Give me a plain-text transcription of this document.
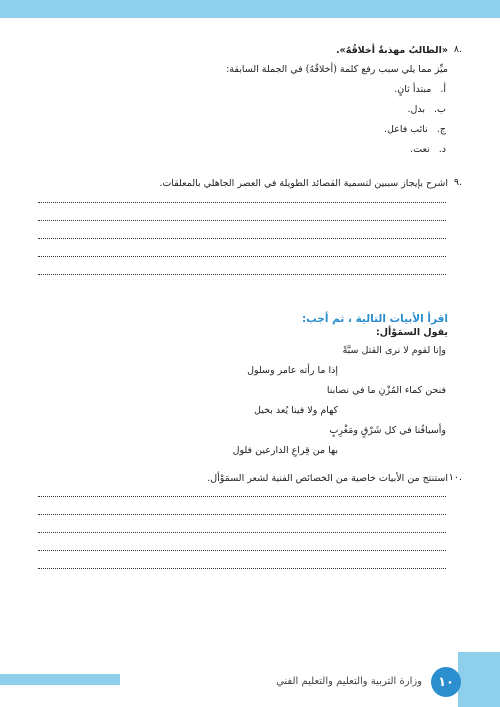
.٨
«الطالبُ مهذبةٌ أخلاقُهُ».
ميِّز مما يلي سبب رفع كلمة (أخلاقُهُ) في الجملة السابقة:
أ. مبتدأ ثانٍ.
ب. بدل.
ج. نائب فاعل.
د. نعت.
.٩
اشرح بإيجاز سببين لتسمية القصائد الطويلة في العصر الجاهلي بالمعلقات.
اقرأ الأبيات التالية ، ثم أجب:
يقول السمَوْأل:
وإنا لقوم لا نرى القتل سبَّةً
إذا ما رأته عامر وسلول
فنحن كماء المُزْنِ ما في نصابنا
كهام ولا فينا يُعد بخيل
وأسيافُنا في كل شَرْقٍ ومَغْرِبٍ
بها من قِراعِ الدارعين فلول
.١٠
استنتج من الأبيات خاصية من الخصائص الفنية لشعر السمَوْأل.
وزارة التربية والتعليم والتعليم الفني ١٠
